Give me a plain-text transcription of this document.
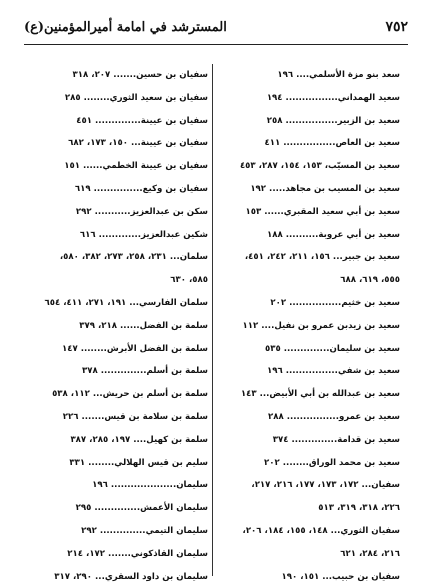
٧٥٢
المسترشد في امامة أميرالمؤمنين(ع)
سعد بنو مزة الأسلمي.... ١٩٦
سعيد الهمداني................ ١٩٤
سعيد بن الزبير................ ٢٥٨
سعيد بن العاص................ ٤١١
سعيد بن المسيّب، ١٥٣، ١٥٤، ٢٨٧، ٤٥٣
سعيد بن المسيب بن مجاهد..... ١٩٢
سعيد بن أبي سعيد المقبري...... ١٥٣
سعيد بن أبي عروبة.......... ١٨٨
سعيد بن جبير... ١٥٦، ٢١١، ٢٤٢، ٤٥١،
٥٥٥، ٦١٩، ٦٨٨
سعيد بن خثيم................ ٢٠٢
سعيد بن زيدبن عمرو بن نفيل.... ١١٢
سعيد بن سليمان.............. ٥٣٥
سعيد بن شفي................ ١٩٦
سعيد بن عبدالله بن أبي الأبيض... ١٤٣
سعيد بن عمرو................ ٢٨٨
سعيد بن قدامة.............. ٣٧٤
سعيد بن محمد الوراق........ ٢٠٢
سفيان... ١٧٢، ١٧٣، ١٧٧، ٢١٦، ٢١٧،
٢٢٦، ٣١٨، ٣١٩، ٥١٣
سفيان الثوري... ١٤٨، ١٥٥، ١٨٤، ٢٠٦،
٢١٦، ٢٨٤، ٦٢١
سفيان بن حبيب... ١٥١، ١٩٠
سفيان بن حسين....... ٢٠٧، ٣١٨
سفيان بن سعيد الثوري........ ٢٨٥
سفيان بن عيينة.............. ٤٥١
سفيان بن عيينة... ١٥٠، ١٧٣، ٦٨٢
سفيان بن عيينة الخطمي...... ١٥١
سفيان بن وكيع............... ٦١٩
سكن بن عبدالعزيز........... ٢٩٢
شكين عبدالعزيز............. ٦١٦
سلمان... ٢٣١، ٢٥٨، ٢٧٣، ٣٨٢، ٥٨٠،
٥٨٥، ٦٣٠
سلمان الفارسي... ١٩١، ٢٧١، ٤١١، ٦٥٤
سلمة بن الفضل...... ٢١٨، ٣٧٩
سلمة بن الفضل الأبرش........ ١٤٧
سلمة بن أسلم.............. ٣٧٨
سلمة بن أسلم بن حريش... ١١٢، ٥٣٨
سلمة بن سلامة بن قيس....... ٢٢٦
سلمة بن كهيل.... ١٩٧، ٢٨٥، ٣٨٧
سليم بن قيس الهلالي........ ٣٣١
سليمان.................... ١٩٦
سليمان الأعمش.............. ٢٩٥
سليمان التيمي.............. ٢٩٢
سليمان القاذكوني....... ١٧٢، ٢١٤
سليمان بن داود السقري... ٢٩٠، ٣١٧
